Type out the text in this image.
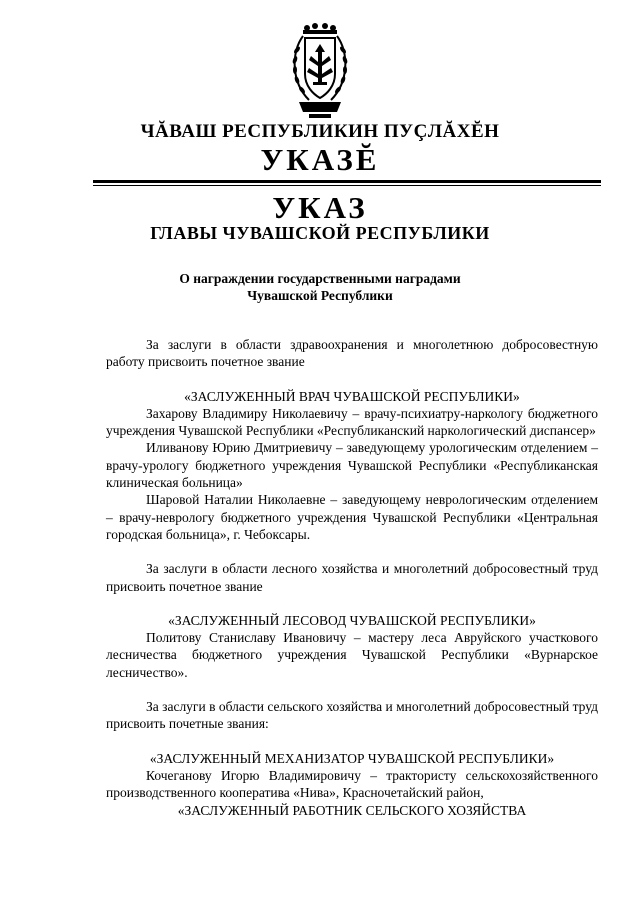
ЧĂВАШ РЕСПУБЛИКИН ПУÇЛĂХĔН
УКАЗĔ
УКАЗ
ГЛАВЫ ЧУВАШСКОЙ РЕСПУБЛИКИ
О награждении государственными наградами
Чувашской Республики

За заслуги в области здравоохранения и многолетнюю добросовестную работу присвоить почетное звание

«ЗАСЛУЖЕННЫЙ ВРАЧ ЧУВАШСКОЙ РЕСПУБЛИКИ»

Захарову Владимиру Николаевичу – врачу-психиатру-наркологу бюджетного учреждения Чувашской Республики «Республиканский наркологический диспансер»

Иливанову Юрию Дмитриевичу – заведующему урологическим отделением – врачу-урологу бюджетного учреждения Чувашской Республики «Республиканская клиническая больница»

Шаровой Наталии Николаевне – заведующему неврологическим отделением – врачу-неврологу бюджетного учреждения Чувашской Республики «Центральная городская больница», г. Чебоксары.

За заслуги в области лесного хозяйства и многолетний добросовестный труд присвоить почетное звание

«ЗАСЛУЖЕННЫЙ ЛЕСОВОД ЧУВАШСКОЙ РЕСПУБЛИКИ»

Политову Станиславу Ивановичу – мастеру леса Авруйского участкового лесничества бюджетного учреждения Чувашской Республики «Вурнарское лесничество».

За заслуги в области сельского хозяйства и многолетний добросовестный труд присвоить почетные звания:

«ЗАСЛУЖЕННЫЙ МЕХАНИЗАТОР ЧУВАШСКОЙ РЕСПУБЛИКИ»

Кочеганову Игорю Владимировичу – трактористу сельскохозяйственного производственного кооператива «Нива», Красночетайский район,

«ЗАСЛУЖЕННЫЙ РАБОТНИК СЕЛЬСКОГО ХОЗЯЙСТВА
